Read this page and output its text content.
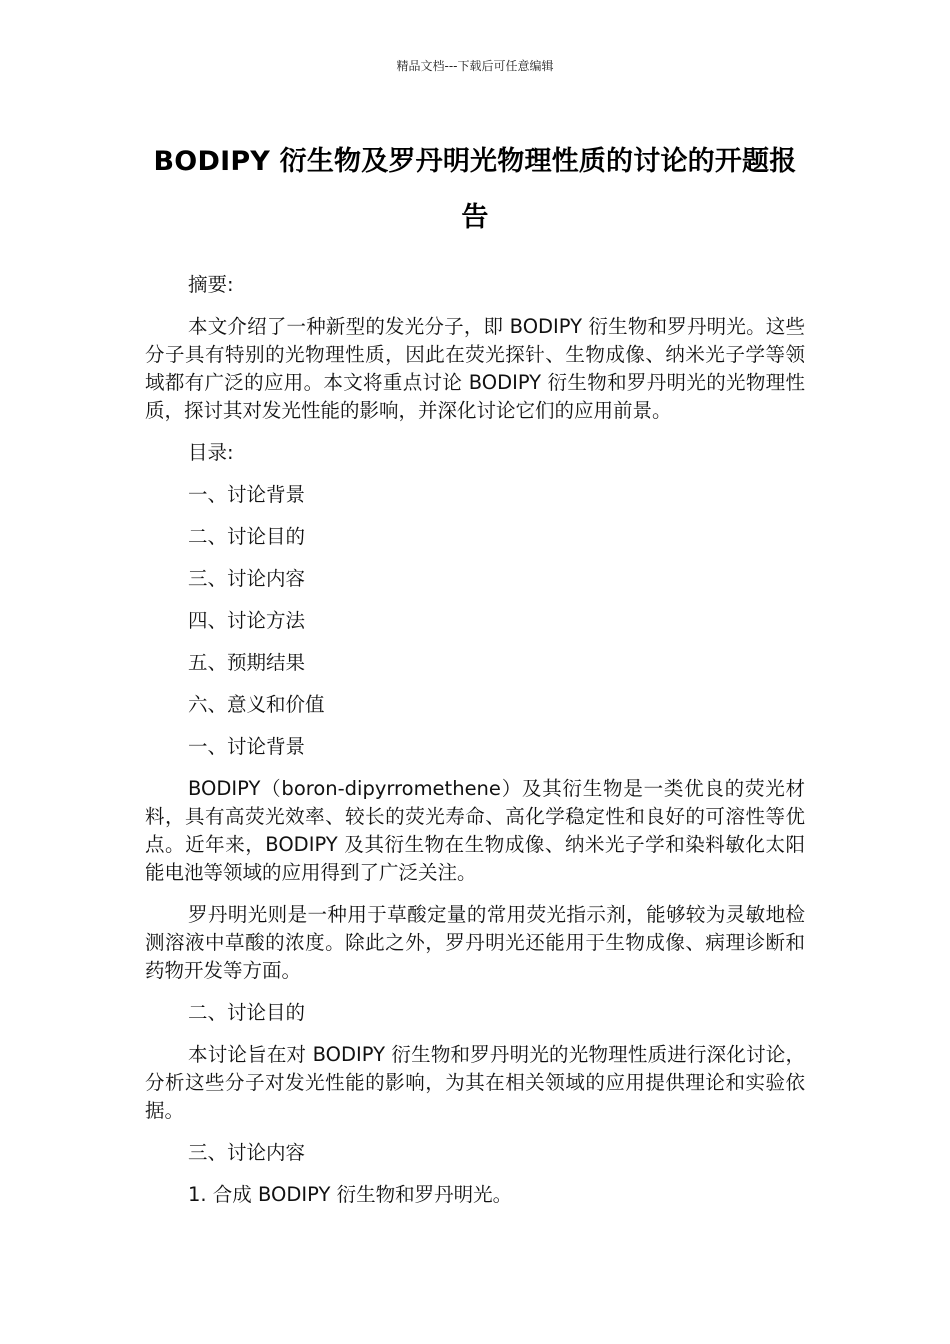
精品文档---下载后可任意编辑
BODIPY 衍生物及罗丹明光物理性质的讨论的开题报告
摘要:

本文介绍了一种新型的发光分子，即 BODIPY 衍生物和罗丹明光。这些分子具有特别的光物理性质，因此在荧光探针、生物成像、纳米光子学等领域都有广泛的应用。本文将重点讨论 BODIPY 衍生物和罗丹明光的光物理性质，探讨其对发光性能的影响，并深化讨论它们的应用前景。

目录:
一、讨论背景
二、讨论目的
三、讨论内容
四、讨论方法
五、预期结果
六、意义和价值
一、讨论背景

BODIPY（boron-dipyrromethene）及其衍生物是一类优良的荧光材料，具有高荧光效率、较长的荧光寿命、高化学稳定性和良好的可溶性等优点。近年来，BODIPY 及其衍生物在生物成像、纳米光子学和染料敏化太阳能电池等领域的应用得到了广泛关注。

罗丹明光则是一种用于草酸定量的常用荧光指示剂，能够较为灵敏地检测溶液中草酸的浓度。除此之外，罗丹明光还能用于生物成像、病理诊断和药物开发等方面。

二、讨论目的

本讨论旨在对 BODIPY 衍生物和罗丹明光的光物理性质进行深化讨论，分析这些分子对发光性能的影响，为其在相关领域的应用提供理论和实验依据。

三、讨论内容
1. 合成 BODIPY 衍生物和罗丹明光。
